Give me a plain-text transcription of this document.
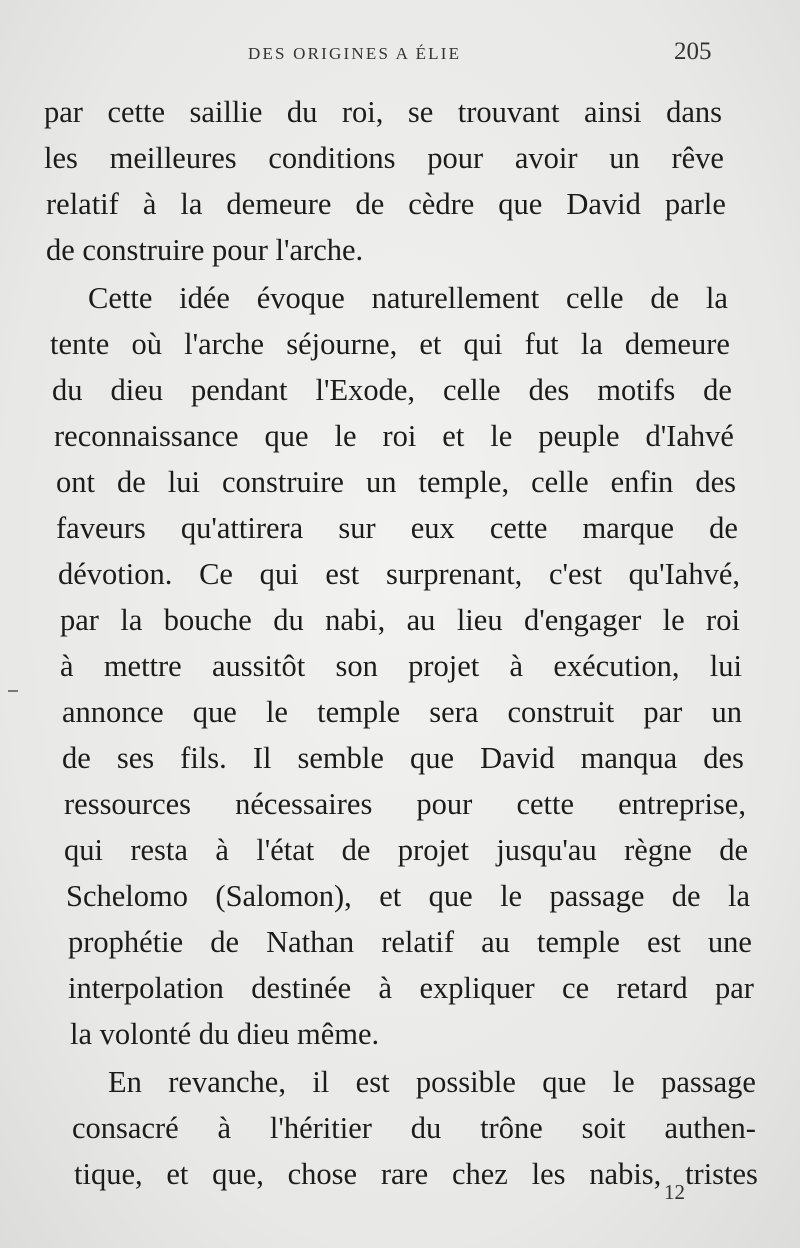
DES ORIGINES A ÉLIE	205
par cette saillie du roi, se trouvant ainsi dans
les meilleures conditions pour avoir un rêve
relatif à la demeure de cèdre que David parle
de construire pour l'arche.
Cette idée évoque naturellement celle de la
tente où l'arche séjourne, et qui fut la demeure
du dieu pendant l'Exode, celle des motifs de
reconnaissance que le roi et le peuple d'Iahvé
ont de lui construire un temple, celle enfin des
faveurs qu'attirera sur eux cette marque de
dévotion. Ce qui est surprenant, c'est qu'Iahvé,
par la bouche du nabi, au lieu d'engager le roi
à mettre aussitôt son projet à exécution, lui
annonce que le temple sera construit par un
de ses fils. Il semble que David manqua des
ressources nécessaires pour cette entreprise,
qui resta à l'état de projet jusqu'au règne de
Schelomo (Salomon), et que le passage de la
prophétie de Nathan relatif au temple est une
interpolation destinée à expliquer ce retard par
la volonté du dieu même.
En revanche, il est possible que le passage
consacré à l'héritier du trône soit authen-
tique, et que, chose rare chez les nabis, tristes
12
